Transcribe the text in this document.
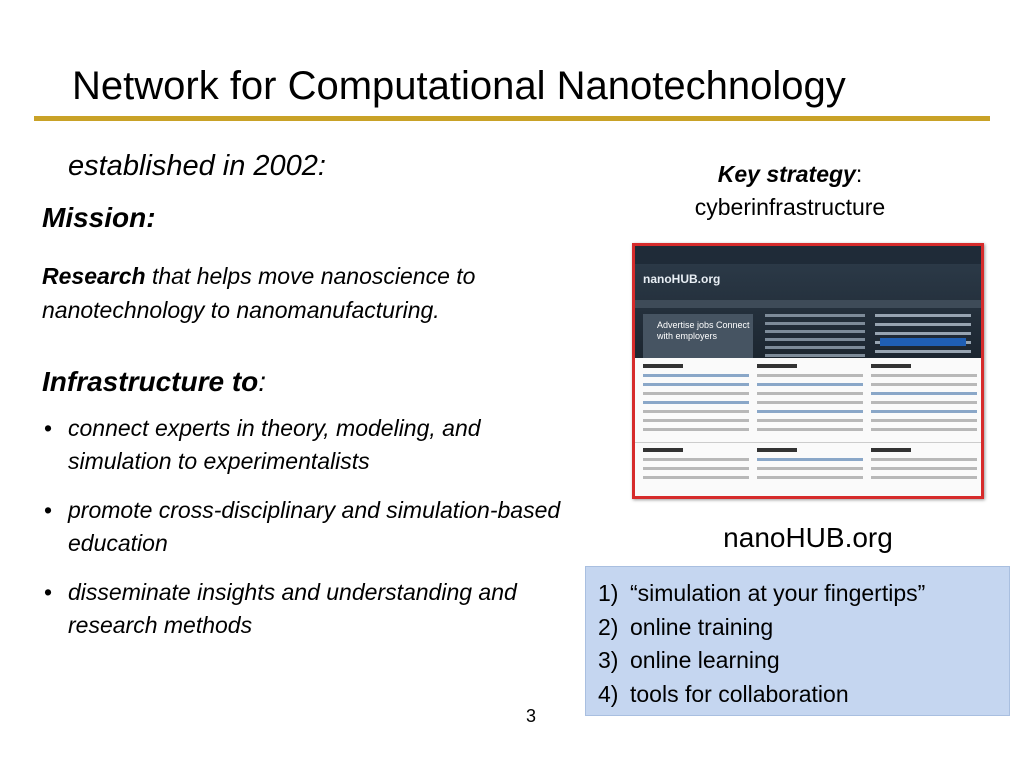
Network for Computational Nanotechnology
established in 2002:
Mission:
Research that helps move nanoscience to nanotechnology to nanomanufacturing.
Infrastructure to:
• connect experts in theory, modeling, and simulation to experimentalists
• promote cross-disciplinary and simulation-based education
• disseminate insights and understanding and research methods
Key strategy:
cyberinfrastructure
nanoHUB.org
Advertise jobs Connect with employers
nanoHUB.org
1) “simulation at your fingertips”
2) online training
3) online learning
4) tools for collaboration
3
